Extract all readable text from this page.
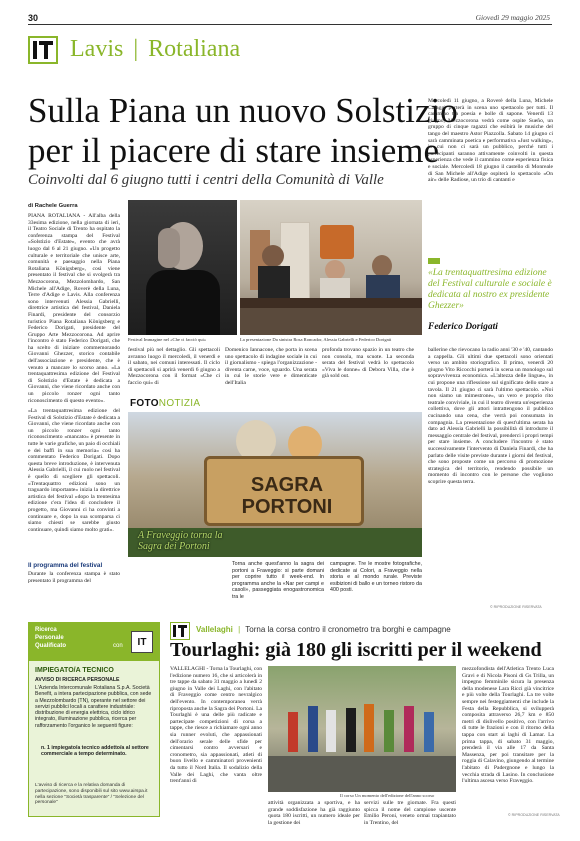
30	Giovedì 29 maggio 2025
Lavis | Rotaliana
Sulla Piana un nuovo Solstizio
per il piacere di stare insieme
Coinvolti dal 6 giugno tutti i centri della Comunità di Valle
Mercoledì 11 giugno, a Roverè della Luna, Michele Cafaggi porterà in scena uno spettacolo per tutti. Il cammino tra poesia e bolle di sapone. Venerdì 13 giugno, Mezzocorona vedrà come ospite Sueño, un gruppo di cinque ragazzi che esibirà le musiche del tango del maestro Astor Piazzolla. Sabato 14 giugno ci sarà camminata poetica e performativa «Just walking», in cui non ci sarà un pubblico, perché tutti i partecipanti saranno attivamente coinvolti in questa esperienza che vede il cammino come esperienza fisica e sociale. Mercoledì 18 giugno il castello di Monreale di San Michele all'Adige ospiterà lo spettacolo «On air» delle Radiose, un trio di cantanti e
«La trentaquattresima edizione del Festival culturale e sociale è dedicata al nostro ex presidente Ghezzer»
Federico Dorigati
di Rachele Guerra
PIANA ROTALIANA - All'alba della 33esima edizione, nella giornata di ieri, il Teatro Sociale di Trento ha ospitato la conferenza stampa del Festival «Solstizio d'Estate», evento che avrà luogo dal 6 al 21 giugno. «Un progetto culturale e territoriale che unisce arte, comunità e paesaggio nella Piana Rotaliana Königsberg», così viene presentato il festival che si svolgerà tra Mezzocorona, Mezzolombardo, San Michele all'Adige, Roverè della Luna, Terre d'Adige e Lavis. Alla conferenza sono intervenuti Alessia Gabrielli, direttrice artistica del festival, Daniela Finardi, presidente del consorzio turistico Piana Rotaliana Königsberg e Federico Dorigati, presidente del Gruppo Arte Mezzocorona. Ad aprire l'incontro è stato Federico Dorigati, che ha scelto di iniziare commemorando Giovanni Ghezzer, storico contabile dell'associazione e presidente, che è venuto a mancare lo scorso anno. «La trentaquattresima edizione del Festival di Solstizio d'Estate è dedicata a Giovanni, che viene ricordato anche con un piccolo ronzer ogni tanto riconoscimento di questo evento».
«La trentaquattresima edizione del Festival di Solstizio d'Estate è dedicata a Giovanni, che viene ricordato anche con un piccolo ronzer ogni tanto riconoscimento «mancato» è presente in tutte le varie grafiche, un paio di occhiali e dei baffi in sua memoria» così ha commentato Federico Dorigati. Dopo questa breve introduzione, è intervenuta Alessia Gabrielli, il cui ruolo nel festival è quello di scegliere gli spettacoli. «Trentaquattro edizioni sono un traguardo importante» inizia la direttrice artistica del festival «dopo la trentesima edizione c'era l'idea di concludere il progetto, ma Giovanni ci ha convinti a continuare e, dopo la sua scomparsa ci siamo chiesti se sarebbe giusto continuare, quindi siamo molto grati».
Il programma del festival
Durante la conferenza stampa è stato presentato il programma del
Festival Immagine nel «Che ci facciò qui»	La presentazione Da sinistra Rosa Roncador, Alessia Gabrielli e Federico Dorigati
festival più nel dettaglio. Gli spettacoli avranno luogo il mercoledì, il venerdì e il sabato, nei comuni interessati. Il ciclo di spettacoli si aprirà venerdì 6 giugno a Mezzocorona con il format «Che ci faccio qui» di
Domenico Iannacone, che porta in scena uno spettacolo di indagine sociale in cui il giornalismo - spiega l'organizzazione - diventa carne, voce, sguardo. Una serata in cui le storie vere e dimenticate dell'Italia
profonda trovano spazio in un teatro che non consola, ma scuote. La seconda serata del festival vedrà lo spettacolo «Viva le donne» di Debora Villa, che è già sold out.
ballerine che rievocano la radio anni '30 e '40, cantando a cappella. Gli ultimi due spettacoli sono orientati verso un ambito storiografico. Il primo, venerdì 20 giugno Vito Ricocchi porterà in scena un monologo sul sopravvivenza economica. «L'altezza delle lingue», in cui propone una riflessione sul significato dello stare a tavola. Il 21 giugno ci sarà l'ultimo spettacolo. «Noi non siamo un mimestrone», un vero e proprio rito teatrale conviviale, in cui il teatro diventa un'esperienza collettiva, dove gli attori intrattengono il pubblico cucinando una cena, che verrà poi consumata in compagnia. La presentazione di quest'ultima serata ha dato ad Alessia Gabrielli la possibilità di introdurre il messaggio centrale del festival, prenderci i propri tempi per stare insieme. A concludere l'incontro è stato successivamente l'intervento di Daniela Finardi, che ha parlato delle visite previste durante i giorni del festival, che sono proposte come un percorso di promozione strategica del territorio, rendendo possibile un momento di incontro con le persone che vogliono scoprire questa terra.
FOTONOTIZIA
SAGRA PORTONI
A Fraveggio torna la Sagra dei Portoni
Torna anche quest'anno la sagra dei portoni a Fraveggio: si parte domani per coprire tutto il week-end. In programma anche la «Nar per campi e casoli», passeggiata enogastronomica tra le
campagne. Tre le mostre fotografiche, dedicate ai Colori, a Fraveggio nella storia e al mondo rurale. Previste esibizioni di ballo e un torneo ristoro da 400 posti.
© RIPRODUZIONE RISERVATA
Ricerca
Personale
Qualificato	con	IT
IMPIEGATO/A TECNICO
AVVISO DI RICERCA PERSONALE
L'Azienda Intercomunale Rotaliana S.p.A. Società Benefit, a intera partecipazione pubblica, con sede a Mezzolombardo (TN), operante nel settore dei servizi pubblici locali a carattere industriale: distribuzione di energia elettrica, ciclo idrico integrato, illuminazione pubblica, ricerca per rafforzamento l'organico le seguenti figure:
n. 1 impiegato/a tecnico addetto/a al settore commerciale a tempo determinato.
L'avviso di ricerca e la relativa domanda di partecipazione, sono disponibili sul sito www.airspa.it nella sezione "Società trasparente" / "Selezione del personale"
Vallelaghi | Torna la corsa contro il cronometro tra borghi e campagne
Tourlaghi: già 180 gli iscritti per il weekend
VALLELAGHI - Torna la Tourlaghi, con l'edizione numero 16, che si articolerà in tre tappe da sabato 31 maggio a lunedì 2 giugno in Valle dei Laghi, con l'abitato di Fraveggio come centro nevralgico dell'evento. In contemporanea verrà riproposta anche la Sagra dei Portoni. La Tourlaghi è una delle più radicate e partecipate competizioni di corsa a tappe, che riesce a richiamare ogni anno sia runner evoluti, che appassionati dell'orario serale delle sfide per cimentarsi contro avversari e cronometro, sia appassionati, atleti di buon livello e camminatori provenienti da tutto il Nord Italia. Il sodalizio della Valle dei Laghi, che vanta oltre trent'anni di
Il corso Un momento dell'edizione dell'anno scorso
attività organizzata a sportiva, e ha grande soddisfazione ha già raggiunto quota 180 iscritti, un numero ideale per la gestione dei
servizi sulle tre giornate. Fra questi spicca il nome del campione uscente Emilio Peroni, veneto ormai trapiantato in Trentino, del
mezzofondista dell'Atletica Trento Luca Gravi e di Nicola Pisoni di Gs Trilla, un impegno femminile sicura la presenza della modenese Lara Ricci già vincitrice e più volte della Tourlaghi. La tre volte sempre nei festeggiamenti che include la Festa della Repubblica, si svilupperà composita attraverso 26,7 km e 850 metri di dislivello positivo, con l'arrivo di tutte le frazioni e con il ritorno della tappa con start ai laghi di Lamar. La prima tappa, di sabato 31 maggio, prenderà il via alle 17 da Santa Massenza, per poi transitare per la roggia di Calavino, giungendo al termine l'abitato di Padergnone e lungo la vecchia strada di Lasino. In conclusione l'ultima ascesa verso Fraveggio.
© RIPRODUZIONE RISERVATA
